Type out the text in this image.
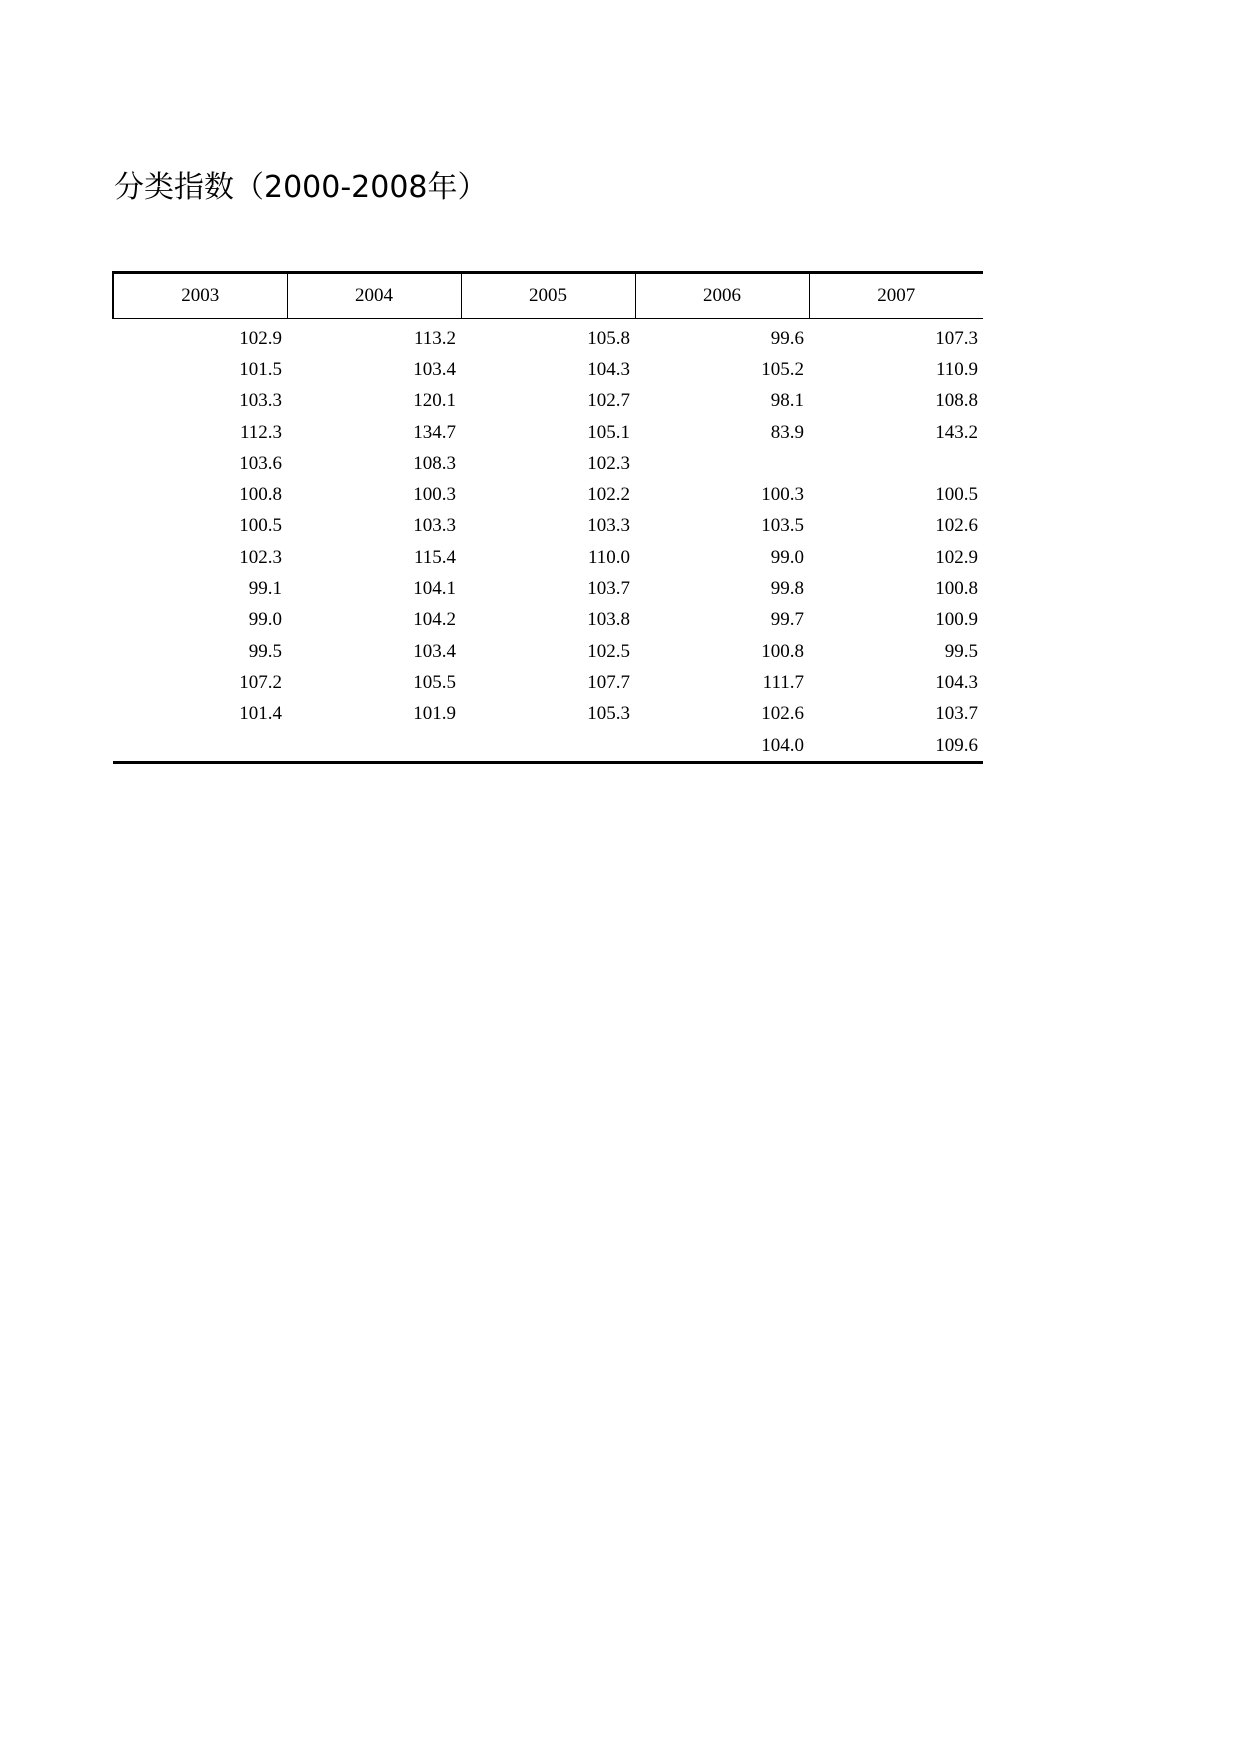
分类指数（2000-2008年）
2003	2004	2005	2006	2007
102.9	113.2	105.8	99.6	107.3
101.5	103.4	104.3	105.2	110.9
103.3	120.1	102.7	98.1	108.8
112.3	134.7	105.1	83.9	143.2
103.6	108.3	102.3		
100.8	100.3	102.2	100.3	100.5
100.5	103.3	103.3	103.5	102.6
102.3	115.4	110.0	99.0	102.9
99.1	104.1	103.7	99.8	100.8
99.0	104.2	103.8	99.7	100.9
99.5	103.4	102.5	100.8	99.5
107.2	105.5	107.7	111.7	104.3
101.4	101.9	105.3	102.6	103.7
			104.0	109.6
